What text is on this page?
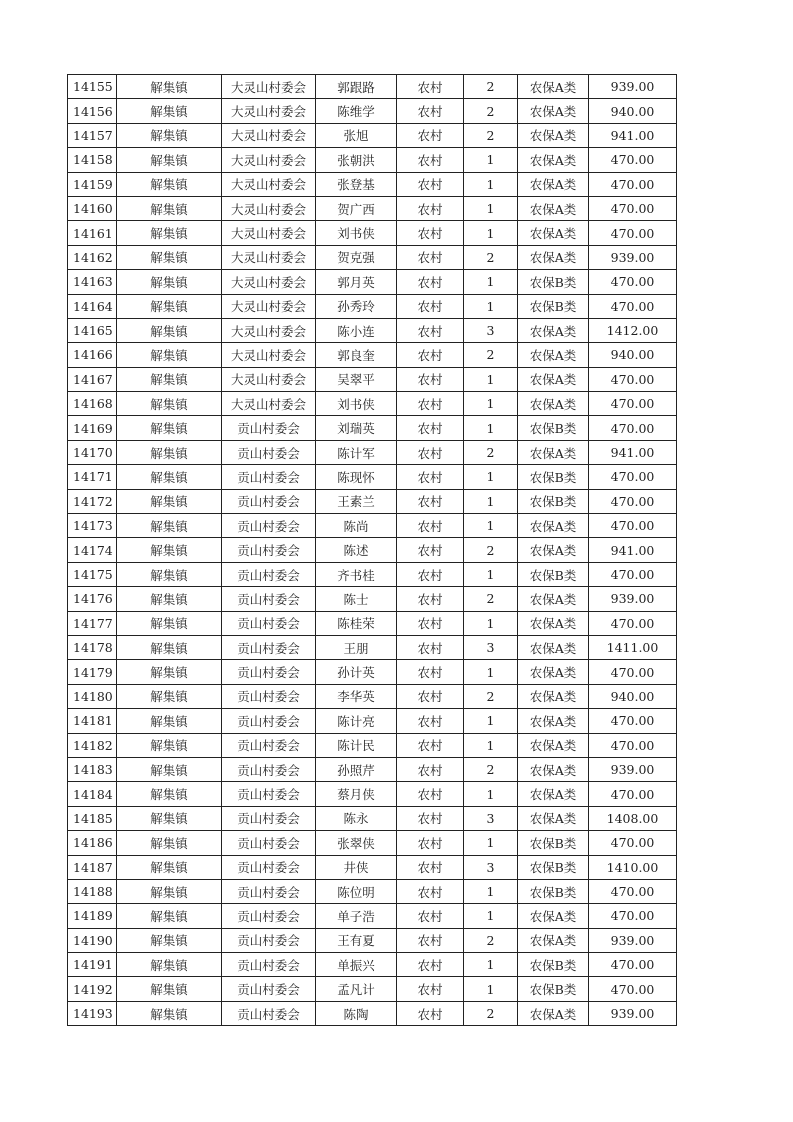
14155	解集镇	大灵山村委会	郭跟路	农村	2	农保A类	939.00
14156	解集镇	大灵山村委会	陈维学	农村	2	农保A类	940.00
14157	解集镇	大灵山村委会	张旭	农村	2	农保A类	941.00
14158	解集镇	大灵山村委会	张朝洪	农村	1	农保A类	470.00
14159	解集镇	大灵山村委会	张登基	农村	1	农保A类	470.00
14160	解集镇	大灵山村委会	贺广西	农村	1	农保A类	470.00
14161	解集镇	大灵山村委会	刘书侠	农村	1	农保A类	470.00
14162	解集镇	大灵山村委会	贺克强	农村	2	农保A类	939.00
14163	解集镇	大灵山村委会	郭月英	农村	1	农保B类	470.00
14164	解集镇	大灵山村委会	孙秀玲	农村	1	农保B类	470.00
14165	解集镇	大灵山村委会	陈小连	农村	3	农保A类	1412.00
14166	解集镇	大灵山村委会	郭良奎	农村	2	农保A类	940.00
14167	解集镇	大灵山村委会	吴翠平	农村	1	农保A类	470.00
14168	解集镇	大灵山村委会	刘书侠	农村	1	农保A类	470.00
14169	解集镇	贡山村委会	刘瑞英	农村	1	农保B类	470.00
14170	解集镇	贡山村委会	陈计军	农村	2	农保A类	941.00
14171	解集镇	贡山村委会	陈现怀	农村	1	农保B类	470.00
14172	解集镇	贡山村委会	王素兰	农村	1	农保B类	470.00
14173	解集镇	贡山村委会	陈尚	农村	1	农保A类	470.00
14174	解集镇	贡山村委会	陈述	农村	2	农保A类	941.00
14175	解集镇	贡山村委会	齐书桂	农村	1	农保B类	470.00
14176	解集镇	贡山村委会	陈士	农村	2	农保A类	939.00
14177	解集镇	贡山村委会	陈桂荣	农村	1	农保A类	470.00
14178	解集镇	贡山村委会	王朋	农村	3	农保A类	1411.00
14179	解集镇	贡山村委会	孙计英	农村	1	农保A类	470.00
14180	解集镇	贡山村委会	李华英	农村	2	农保A类	940.00
14181	解集镇	贡山村委会	陈计亮	农村	1	农保A类	470.00
14182	解集镇	贡山村委会	陈计民	农村	1	农保A类	470.00
14183	解集镇	贡山村委会	孙照芹	农村	2	农保A类	939.00
14184	解集镇	贡山村委会	蔡月侠	农村	1	农保A类	470.00
14185	解集镇	贡山村委会	陈永	农村	3	农保A类	1408.00
14186	解集镇	贡山村委会	张翠侠	农村	1	农保B类	470.00
14187	解集镇	贡山村委会	井侠	农村	3	农保B类	1410.00
14188	解集镇	贡山村委会	陈位明	农村	1	农保B类	470.00
14189	解集镇	贡山村委会	单子浩	农村	1	农保A类	470.00
14190	解集镇	贡山村委会	王有夏	农村	2	农保A类	939.00
14191	解集镇	贡山村委会	单振兴	农村	1	农保B类	470.00
14192	解集镇	贡山村委会	孟凡计	农村	1	农保B类	470.00
14193	解集镇	贡山村委会	陈陶	农村	2	农保A类	939.00
